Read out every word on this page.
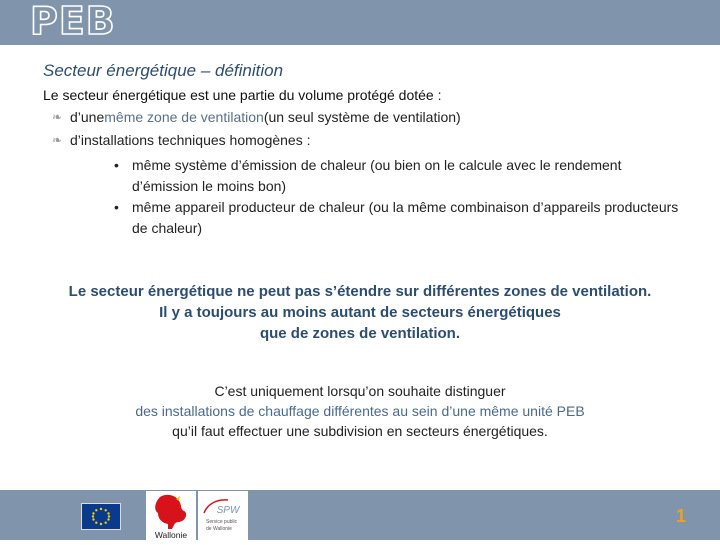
PEB
Secteur énergétique – définition
Le secteur énergétique est une partie du volume protégé dotée :
❧ d’une même zone de ventilation (un seul système de ventilation)
❧ d’installations techniques homogènes :
• même système d’émission de chaleur (ou bien on le calcule avec le rendement d’émission le moins bon)
• même appareil producteur de chaleur (ou la même combinaison d’appareils producteurs de chaleur)
Le secteur énergétique ne peut pas s’étendre sur différentes zones de ventilation.
Il y a toujours au moins autant de secteurs énergétiques
que de zones de ventilation.
C’est uniquement lorsqu’on souhaite distinguer
des installations de chauffage différentes au sein d’une même unité PEB
qu’il faut effectuer une subdivision en secteurs énergétiques.
Wallonie
SPW
Service public
de Wallonie
1
